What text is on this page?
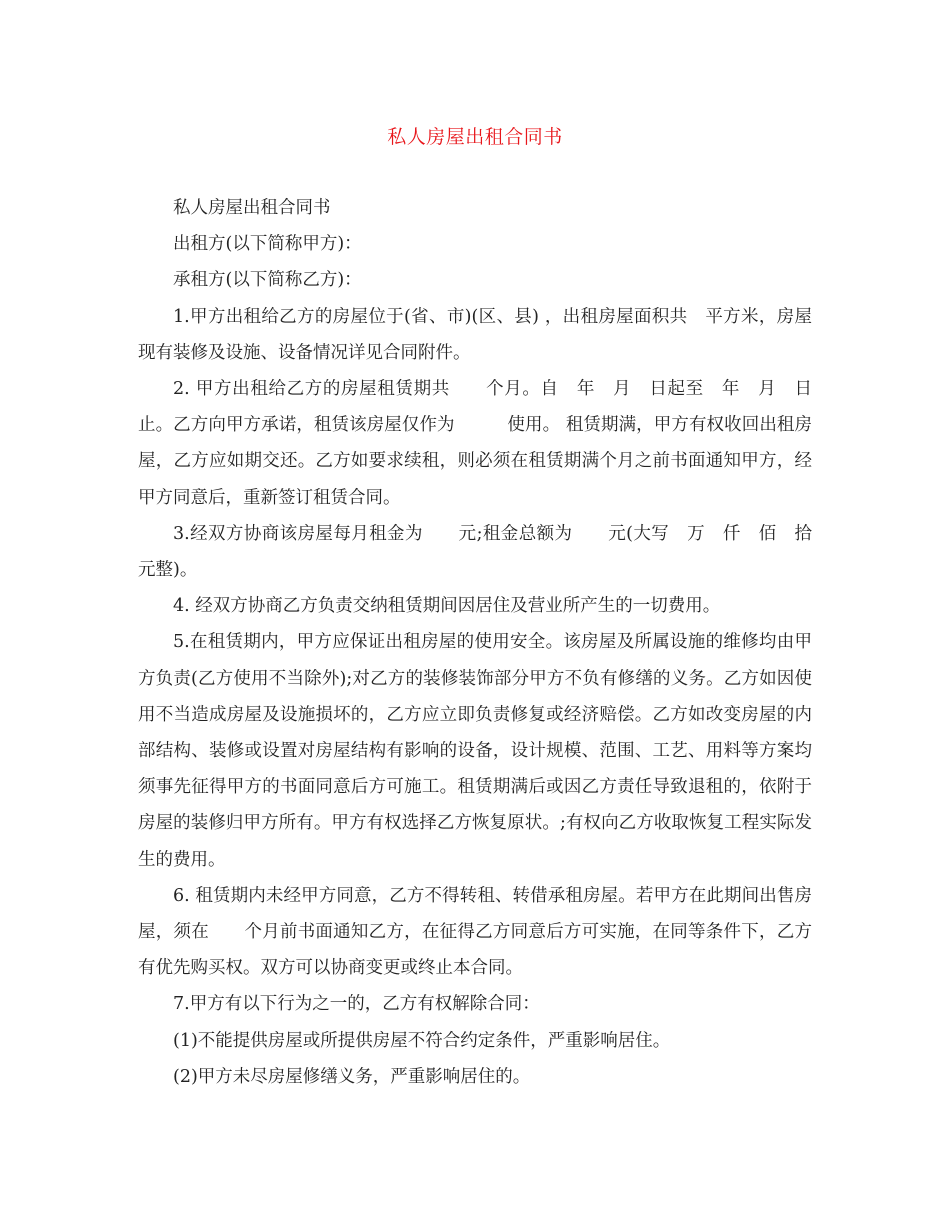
私人房屋出租合同书

私人房屋出租合同书

出租方(以下简称甲方)：

承租方(以下简称乙方)：

1.甲方出租给乙方的房屋位于(省、市)(区、县) ，出租房屋面积共　平方米，房屋现有装修及设施、设备情况详见合同附件。

2. 甲方出租给乙方的房屋租赁期共　　个月。自　年　月　日起至　年　月　日止。乙方向甲方承诺，租赁该房屋仅作为　　　使用。 租赁期满，甲方有权收回出租房屋，乙方应如期交还。乙方如要求续租，则必须在租赁期满个月之前书面通知甲方，经甲方同意后，重新签订租赁合同。

3.经双方协商该房屋每月租金为　　元;租金总额为　　元(大写　万　仟　佰　拾　元整)。

4. 经双方协商乙方负责交纳租赁期间因居住及营业所产生的一切费用。

5.在租赁期内，甲方应保证出租房屋的使用安全。该房屋及所属设施的维修均由甲方负责(乙方使用不当除外);对乙方的装修装饰部分甲方不负有修缮的义务。乙方如因使用不当造成房屋及设施损坏的，乙方应立即负责修复或经济赔偿。乙方如改变房屋的内部结构、装修或设置对房屋结构有影响的设备，设计规模、范围、工艺、用料等方案均须事先征得甲方的书面同意后方可施工。租赁期满后或因乙方责任导致退租的，依附于房屋的装修归甲方所有。甲方有权选择乙方恢复原状。;有权向乙方收取恢复工程实际发生的费用。

6. 租赁期内未经甲方同意，乙方不得转租、转借承租房屋。若甲方在此期间出售房屋，须在　　个月前书面通知乙方，在征得乙方同意后方可实施，在同等条件下，乙方有优先购买权。双方可以协商变更或终止本合同。

7.甲方有以下行为之一的，乙方有权解除合同：

(1)不能提供房屋或所提供房屋不符合约定条件，严重影响居住。

(2)甲方未尽房屋修缮义务，严重影响居住的。
